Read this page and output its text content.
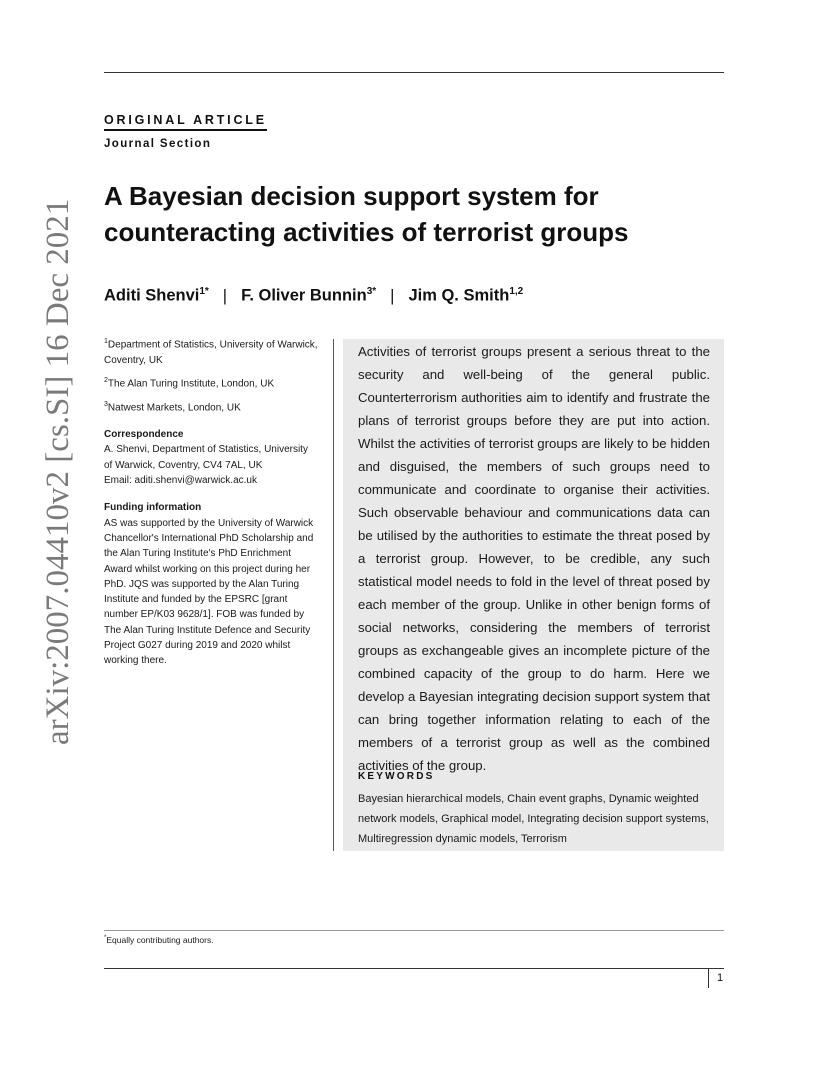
arXiv:2007.04410v2 [cs.SI] 16 Dec 2021
ORIGINAL ARTICLE
Journal Section
A Bayesian decision support system for counteracting activities of terrorist groups
Aditi Shenvi$^{1*}$ | F. Oliver Bunnin$^{3*}$ | Jim Q. Smith$^{1,2}$

$^1$Department of Statistics, University of Warwick, Coventry, UK

$^2$The Alan Turing Institute, London, UK

$^3$Natwest Markets, London, UK

Correspondence

A. Shenvi, Department of Statistics, University of Warwick, Coventry, CV4 7AL, UK

Email: aditi.shenvi@warwick.ac.uk

Funding information

AS was supported by the University of Warwick Chancellor's International PhD Scholarship and the Alan Turing Institute's PhD Enrichment Award whilst working on this project during her PhD. JQS was supported by the Alan Turing Institute and funded by the EPSRC [grant number EP/K03 9628/1]. FOB was funded by The Alan Turing Institute Defence and Security Project G027 during 2019 and 2020 whilst working there.

Activities of terrorist groups present a serious threat to the security and well-being of the general public. Counterterrorism authorities aim to identify and frustrate the plans of terrorist groups before they are put into action. Whilst the activities of terrorist groups are likely to be hidden and disguised, the members of such groups need to communicate and coordinate to organise their activities. Such observable behaviour and communications data can be utilised by the authorities to estimate the threat posed by a terrorist group. However, to be credible, any such statistical model needs to fold in the level of threat posed by each member of the group. Unlike in other benign forms of social networks, considering the members of terrorist groups as exchangeable gives an incomplete picture of the combined capacity of the group to do harm. Here we develop a Bayesian integrating decision support system that can bring together information relating to each of the members of a terrorist group as well as the combined activities of the group.
KEYWORDS
Bayesian hierarchical models, Chain event graphs, Dynamic weighted network models, Graphical model, Integrating decision support systems, Multiregression dynamic models, Terrorism
*Equally contributing authors.
1
